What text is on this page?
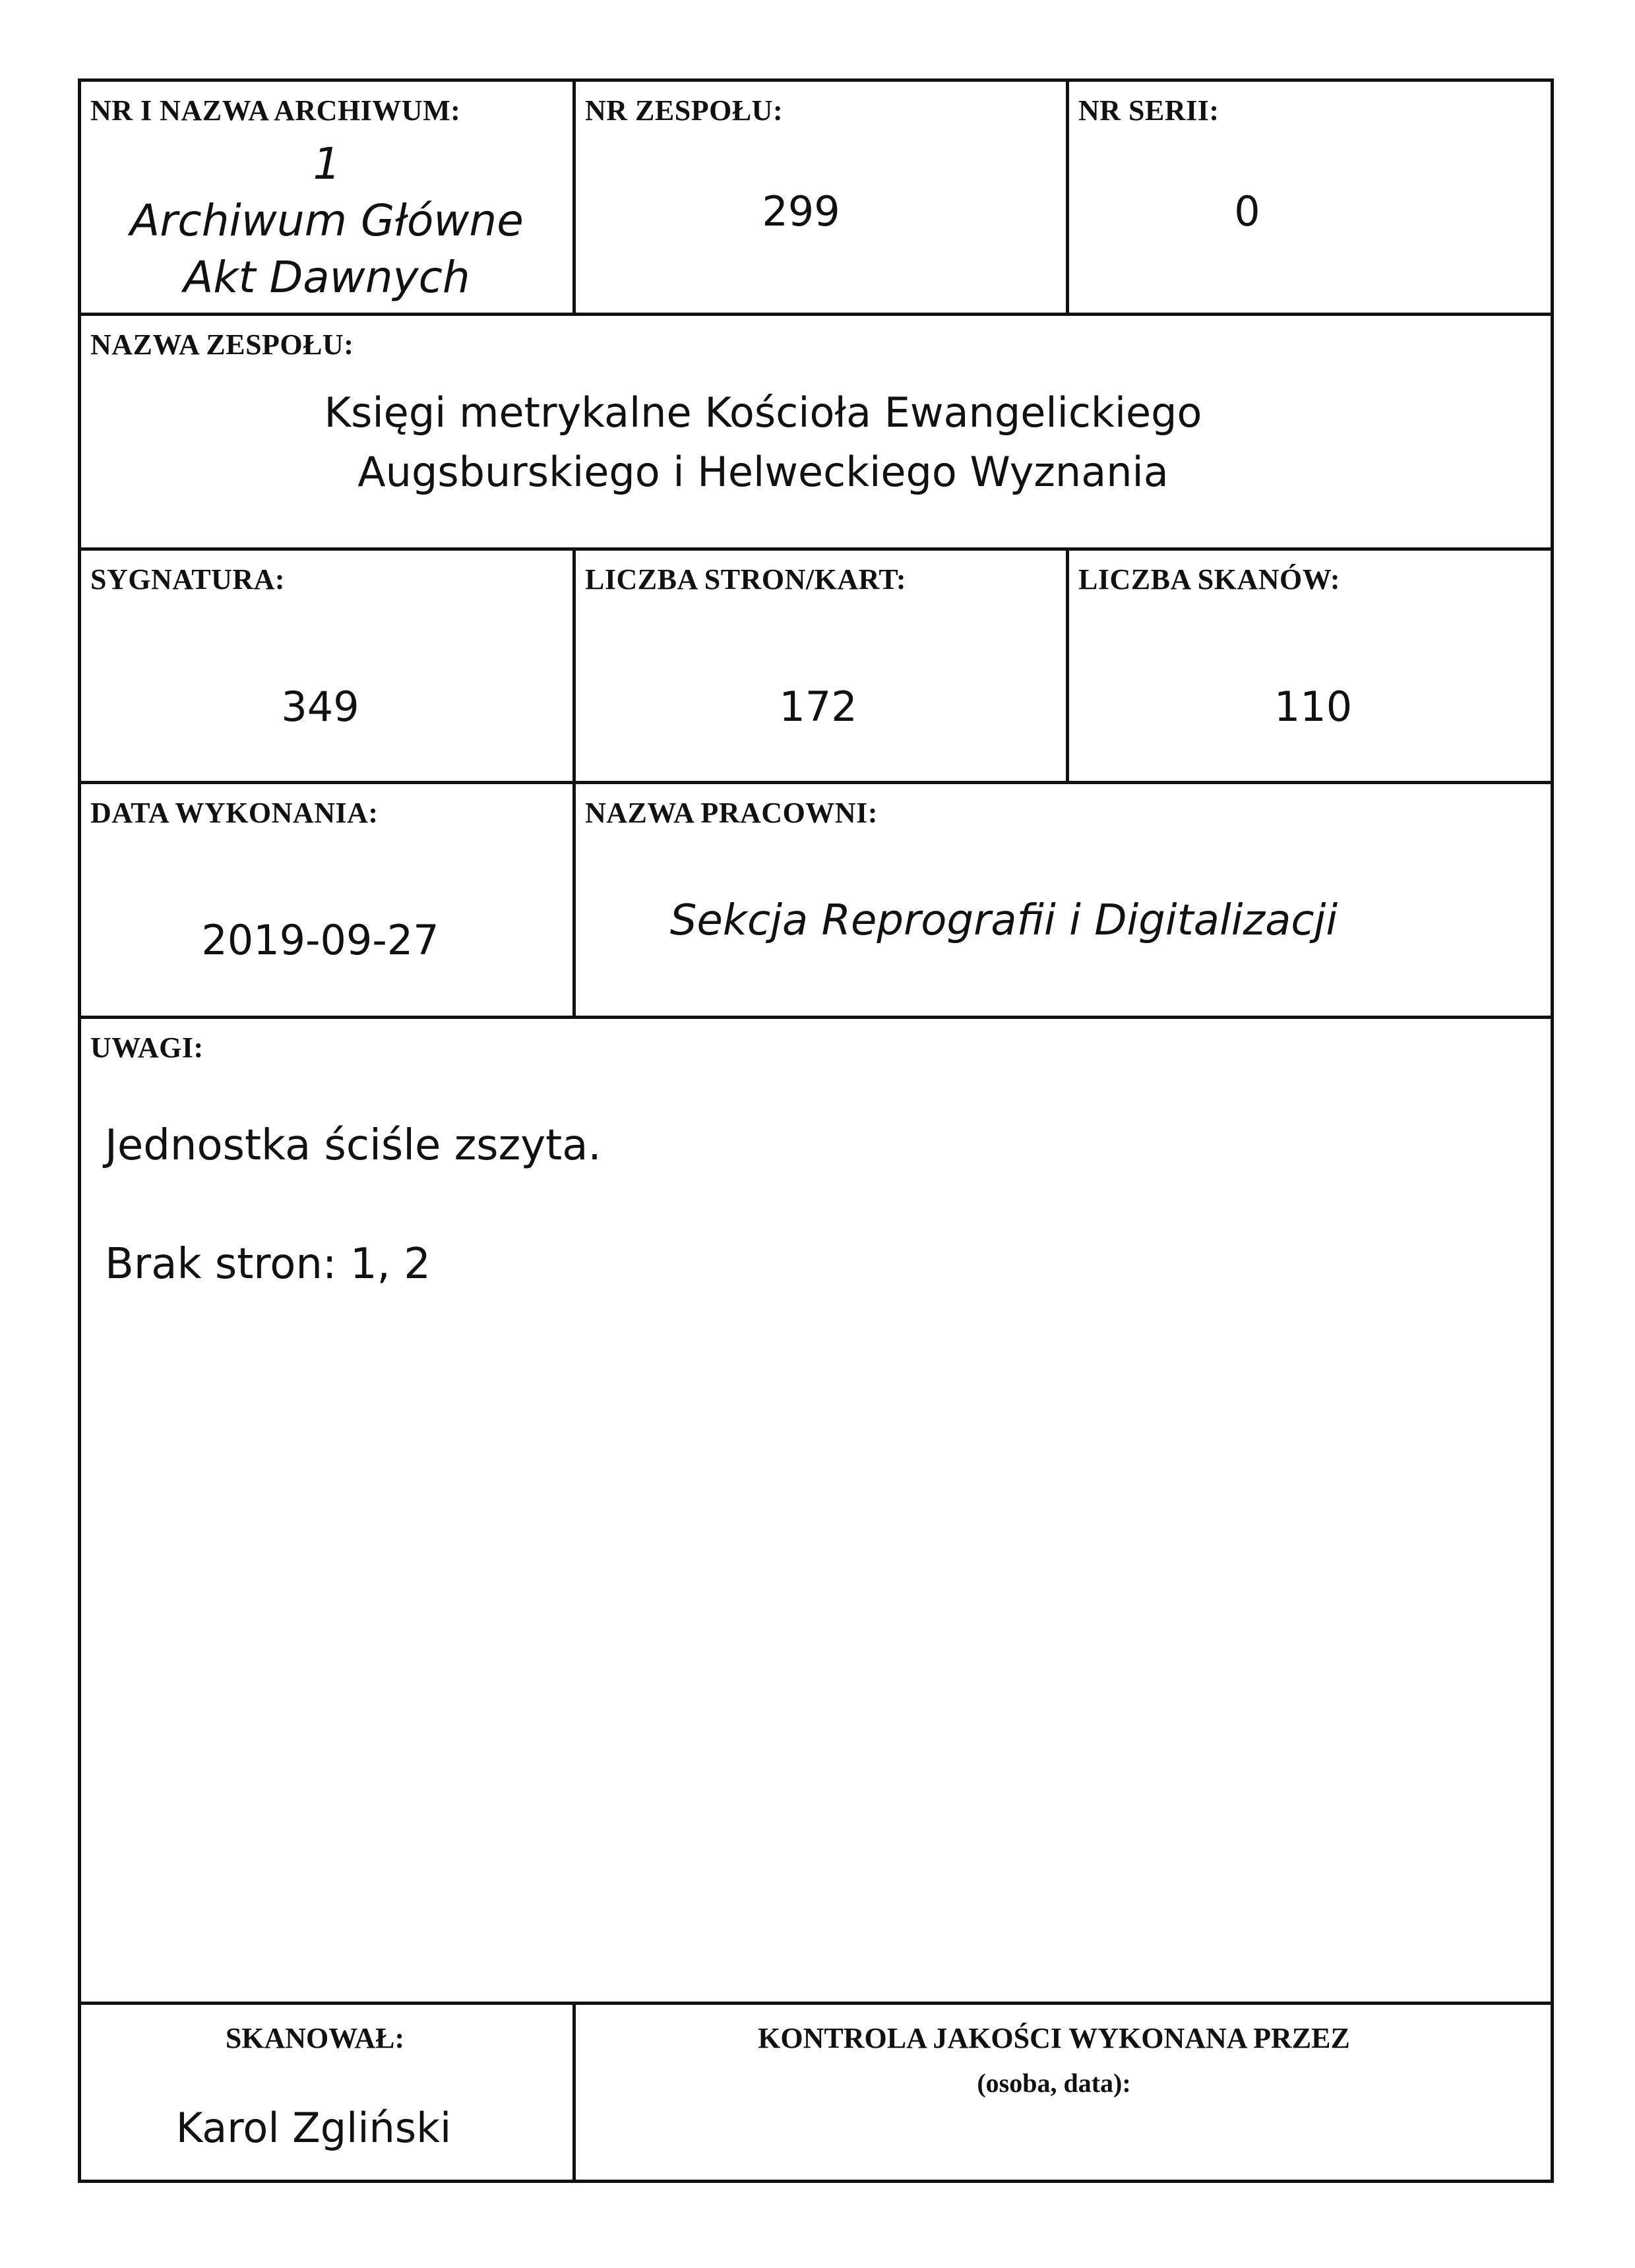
NR I NAZWA ARCHIWUM:
1
Archiwum Główne
Akt Dawnych
NR ZESPOŁU:
299
NR SERII:
0
NAZWA ZESPOŁU:
Księgi metrykalne Kościoła Ewangelickiego
Augsburskiego i Helweckiego Wyznania
SYGNATURA:
349
LICZBA STRON/KART:
172
LICZBA SKANÓW:
110
DATA WYKONANIA:
2019-09-27
NAZWA PRACOWNI:
Sekcja Reprografii i Digitalizacji
UWAGI:
Jednostka ściśle zszyta.
Brak stron: 1, 2
SKANOWAŁ:
Karol Zgliński
KONTROLA JAKOŚCI WYKONANA PRZEZ
(osoba, data):
